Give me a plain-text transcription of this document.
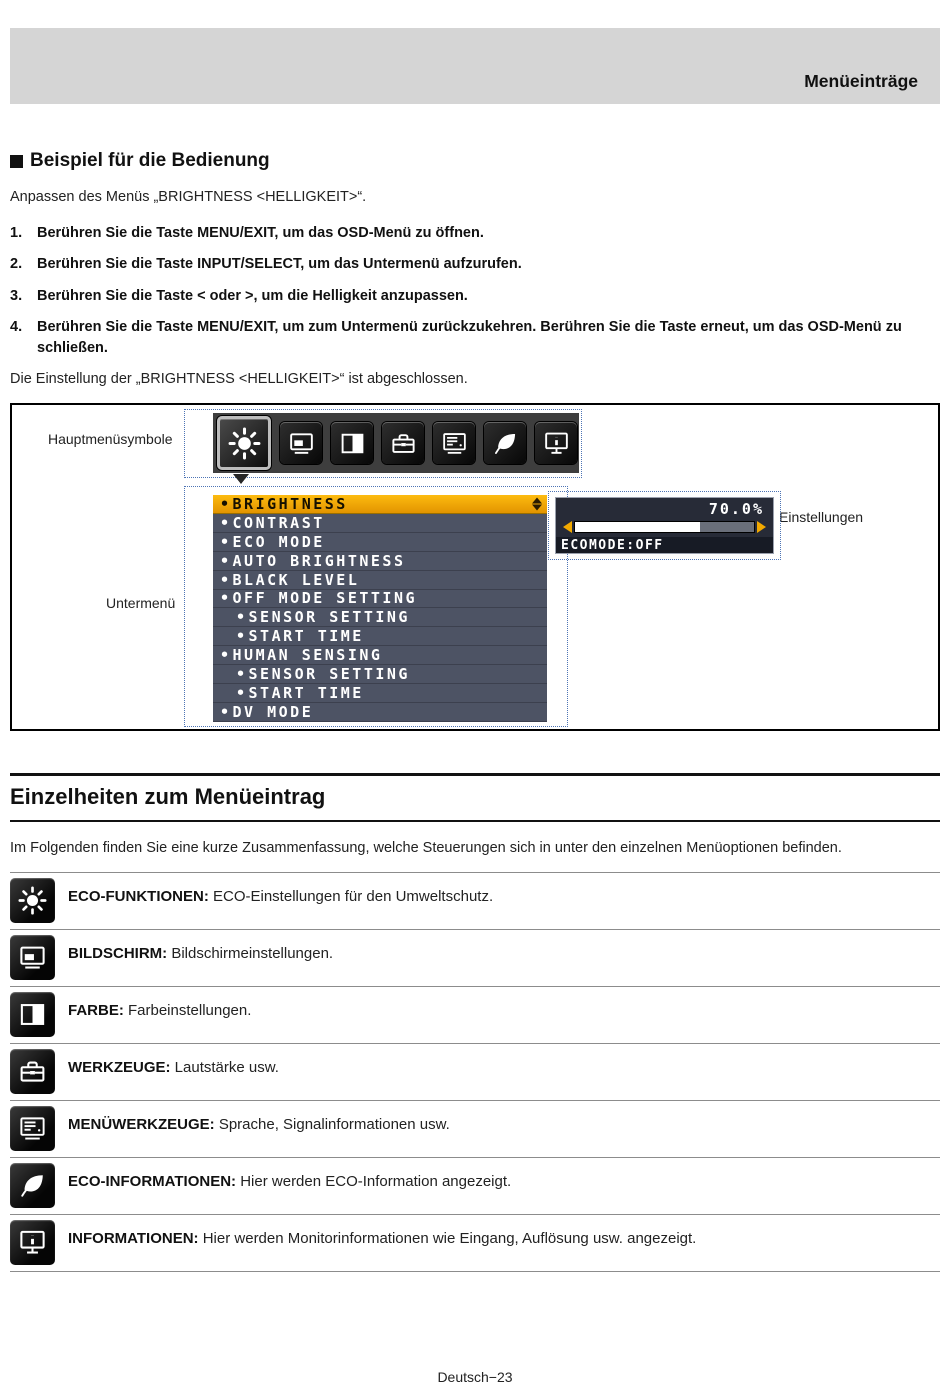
Menüeinträge
Beispiel für die Bedienung

Anpassen des Menüs „BRIGHTNESS <HELLIGKEIT>“.

1.	Berühren Sie die Taste MENU/EXIT, um das OSD-Menü zu öffnen.
2.	Berühren Sie die Taste INPUT/SELECT, um das Untermenü aufzurufen.
3.	Berühren Sie die Taste < oder >, um die Helligkeit anzupassen.
4.	Berühren Sie die Taste MENU/EXIT, um zum Untermenü zurückzukehren. Berühren Sie die Taste erneut, um das OSD-Menü zu schließen.

Die Einstellung der „BRIGHTNESS <HELLIGKEIT>“ ist abgeschlossen.

Hauptmenüsymbole
Untermenü
Einstellungen
• BRIGHTNESS
• CONTRAST
• ECO MODE
• AUTO BRIGHTNESS
• BLACK LEVEL
• OFF MODE SETTING
• SENSOR SETTING
• START TIME
• HUMAN SENSING
• SENSOR SETTING
• START TIME
• DV MODE
70.0%
ECOMODE:OFF
Einzelheiten zum Menüeintrag

Im Folgenden finden Sie eine kurze Zusammenfassung, welche Steuerungen sich in unter den einzelnen Menüoptionen befinden.

ECO-FUNKTIONEN: ECO-Einstellungen für den Umweltschutz.
BILDSCHIRM: Bildschirmeinstellungen.
FARBE: Farbeinstellungen.
WERKZEUGE: Lautstärke usw.
MENÜWERKZEUGE: Sprache, Signalinformationen usw.
ECO-INFORMATIONEN: Hier werden ECO-Information angezeigt.
INFORMATIONEN: Hier werden Monitorinformationen wie Eingang, Auflösung usw. angezeigt.
Deutsch−23
